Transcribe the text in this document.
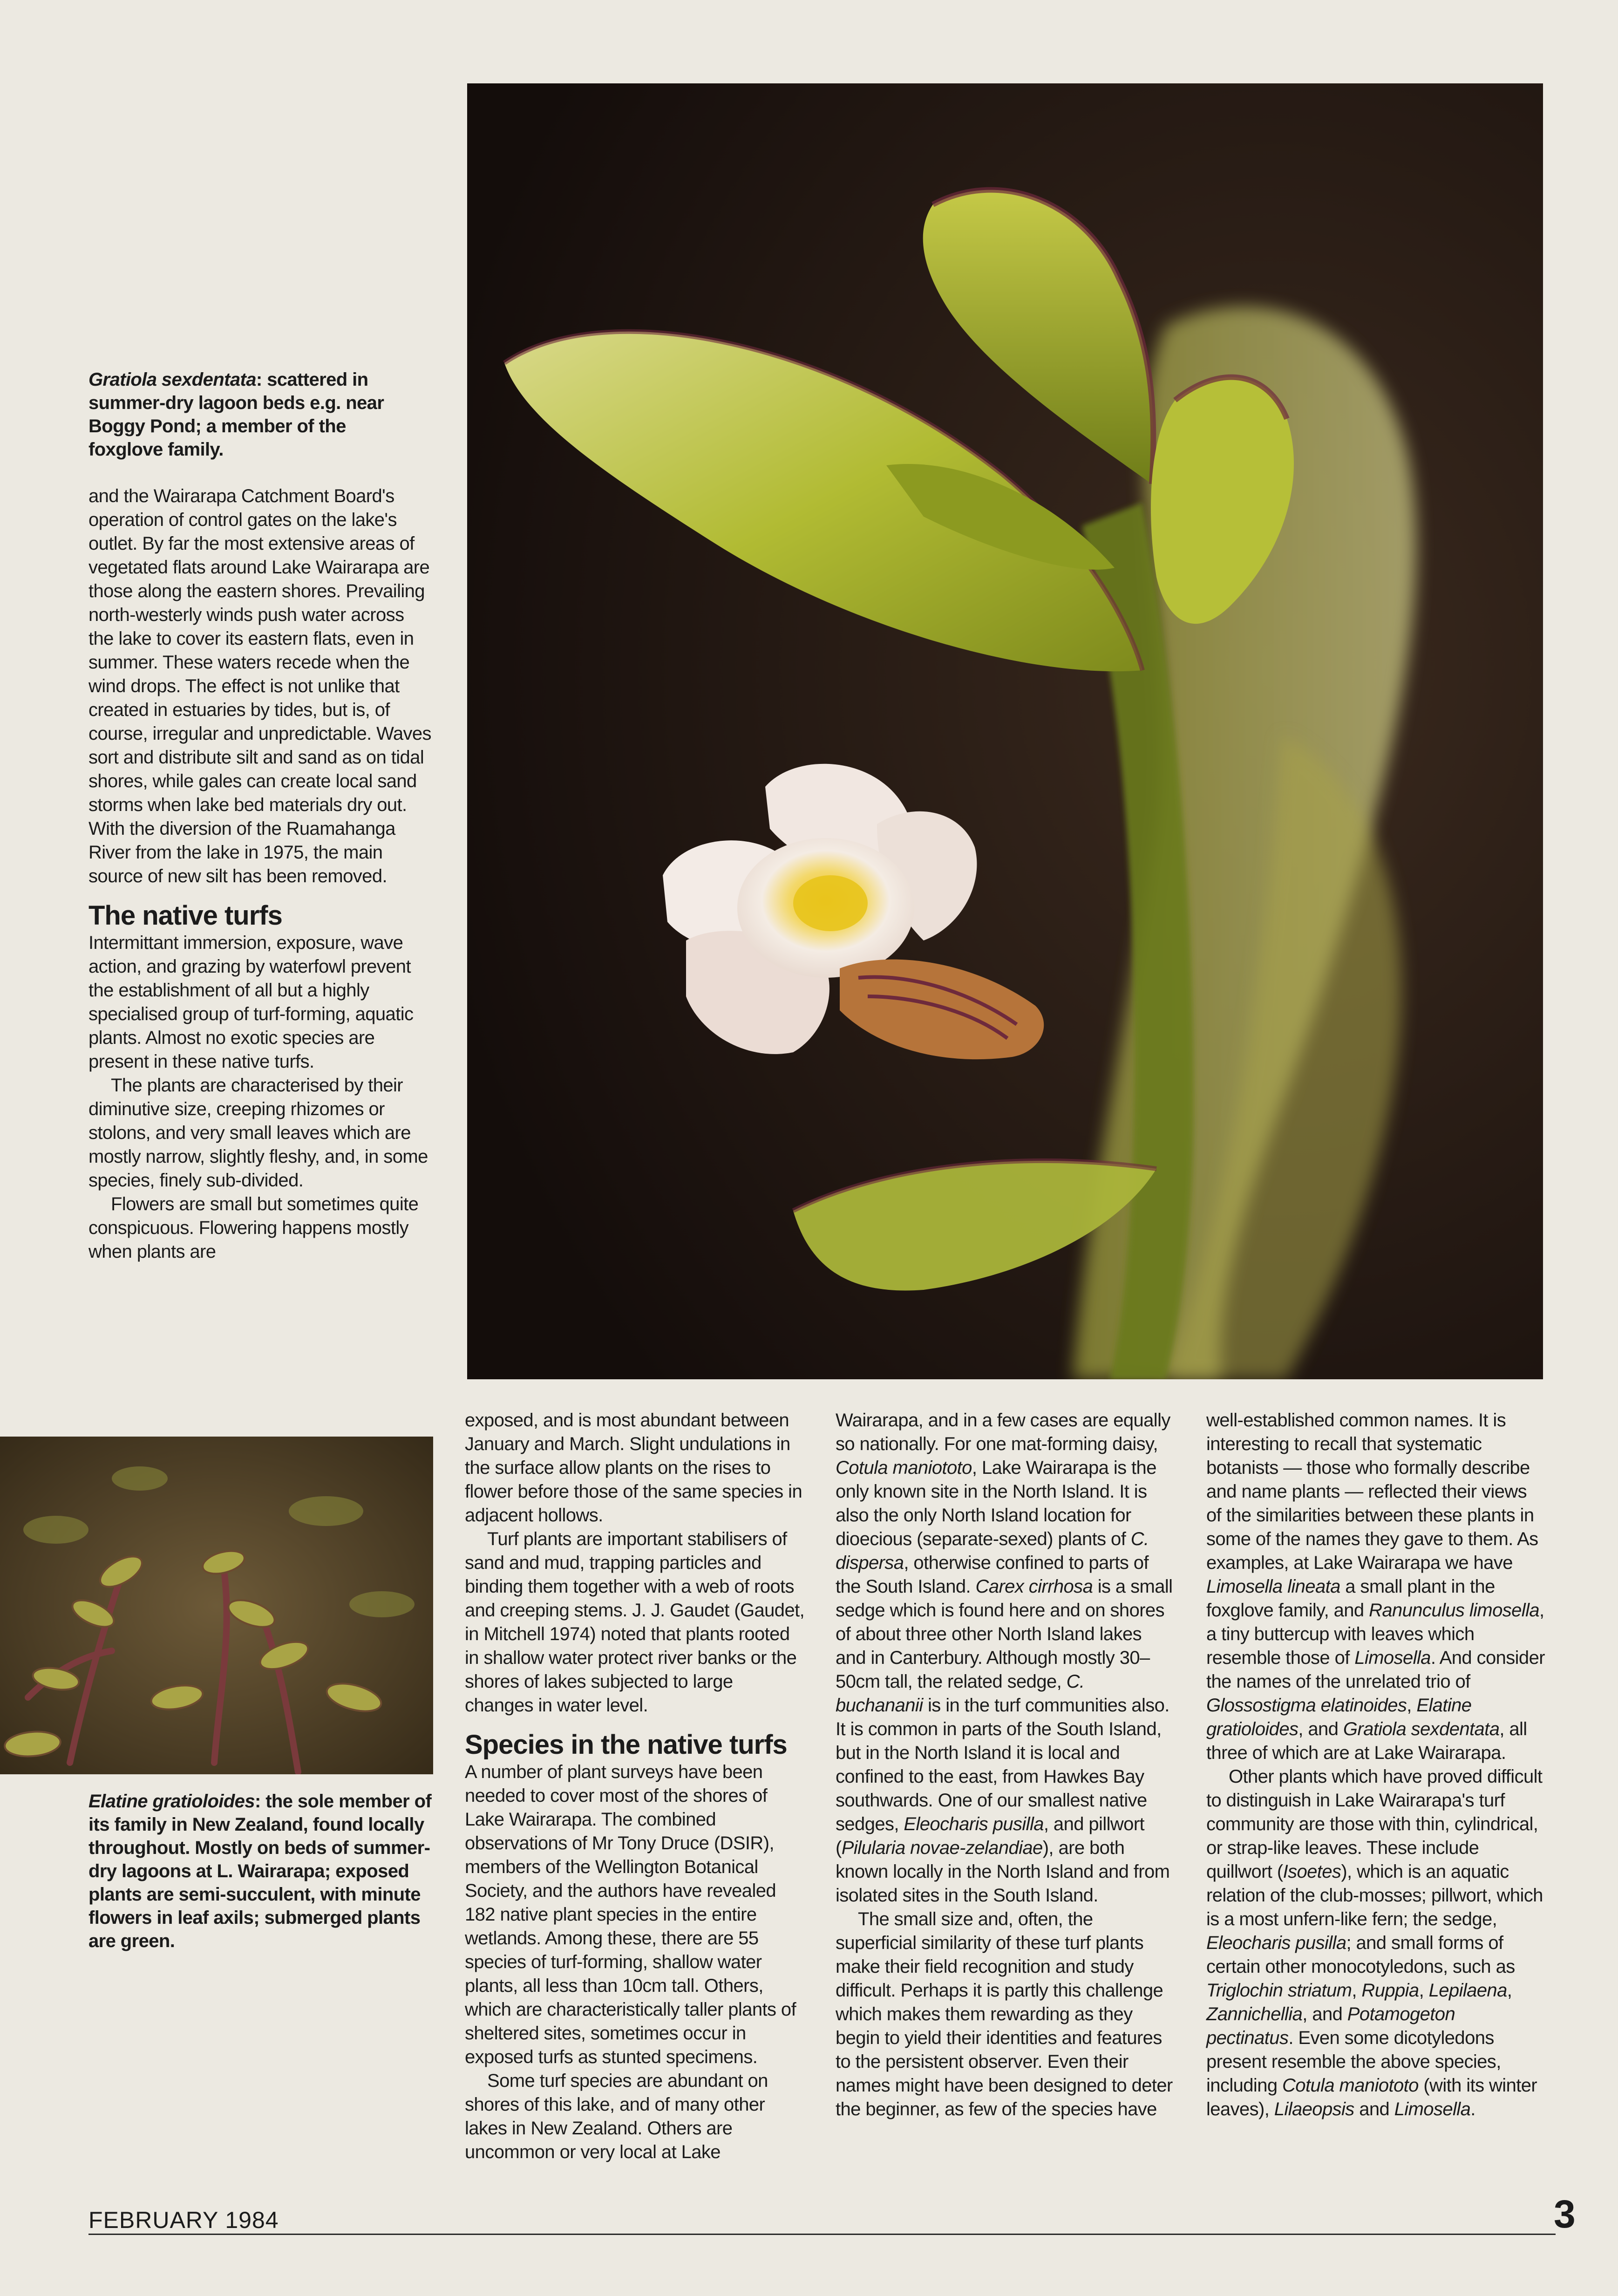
Gratiola sexdentata: scattered in summer-dry lagoon beds e.g. near Boggy Pond; a member of the foxglove family.

and the Wairarapa Catchment Board's operation of control gates on the lake's outlet. By far the most extensive areas of vegetated flats around Lake Wairarapa are those along the eastern shores. Prevailing north-westerly winds push water across the lake to cover its eastern flats, even in summer. These waters recede when the wind drops. The effect is not unlike that created in estuaries by tides, but is, of course, irregular and unpredictable. Waves sort and distribute silt and sand as on tidal shores, while gales can create local sand storms when lake bed materials dry out. With the diversion of the Ruamahanga River from the lake in 1975, the main source of new silt has been removed.

The native turfs

Intermittant immersion, exposure, wave action, and grazing by waterfowl prevent the establishment of all but a highly specialised group of turf-forming, aquatic plants. Almost no exotic species are present in these native turfs.

The plants are characterised by their diminutive size, creeping rhizomes or stolons, and very small leaves which are mostly narrow, slightly fleshy, and, in some species, finely sub-divided.

Flowers are small but sometimes quite conspicuous. Flowering happens mostly when plants are

Elatine gratioloides: the sole member of its family in New Zealand, found locally throughout. Mostly on beds of summer-dry lagoons at L. Wairarapa; exposed plants are semi-succulent, with minute flowers in leaf axils; submerged plants are green.

exposed, and is most abundant between January and March. Slight undulations in the surface allow plants on the rises to flower before those of the same species in adjacent hollows.

Turf plants are important stabilisers of sand and mud, trapping particles and binding them together with a web of roots and creeping stems. J. J. Gaudet (Gaudet, in Mitchell 1974) noted that plants rooted in shallow water protect river banks or the shores of lakes subjected to large changes in water level.

Species in the native turfs

A number of plant surveys have been needed to cover most of the shores of Lake Wairarapa. The combined observations of Mr Tony Druce (DSIR), members of the Wellington Botanical Society, and the authors have revealed 182 native plant species in the entire wetlands. Among these, there are 55 species of turf-forming, shallow water plants, all less than 10cm tall. Others, which are characteristically taller plants of sheltered sites, sometimes occur in exposed turfs as stunted specimens.

Some turf species are abundant on shores of this lake, and of many other lakes in New Zealand. Others are uncommon or very local at Lake

Wairarapa, and in a few cases are equally so nationally. For one mat-forming daisy, Cotula maniototo, Lake Wairarapa is the only known site in the North Island. It is also the only North Island location for dioecious (separate-sexed) plants of C. dispersa, otherwise confined to parts of the South Island. Carex cirrhosa is a small sedge which is found here and on shores of about three other North Island lakes and in Canterbury. Although mostly 30–50cm tall, the related sedge, C. buchananii is in the turf communities also. It is common in parts of the South Island, but in the North Island it is local and confined to the east, from Hawkes Bay southwards. One of our smallest native sedges, Eleocharis pusilla, and pillwort (Pilularia novae-zelandiae), are both known locally in the North Island and from isolated sites in the South Island.

The small size and, often, the superficial similarity of these turf plants make their field recognition and study difficult. Perhaps it is partly this challenge which makes them rewarding as they begin to yield their identities and features to the persistent observer. Even their names might have been designed to deter the beginner, as few of the species have

well-established common names. It is interesting to recall that systematic botanists — those who formally describe and name plants — reflected their views of the similarities between these plants in some of the names they gave to them. As examples, at Lake Wairarapa we have Limosella lineata a small plant in the foxglove family, and Ranunculus limosella, a tiny buttercup with leaves which resemble those of Limosella. And consider the names of the unrelated trio of Glossostigma elatinoides, Elatine gratioloides, and Gratiola sexdentata, all three of which are at Lake Wairarapa.

Other plants which have proved difficult to distinguish in Lake Wairarapa's turf community are those with thin, cylindrical, or strap-like leaves. These include quillwort (Isoetes), which is an aquatic relation of the club-mosses; pillwort, which is a most unfern-like fern; the sedge, Eleocharis pusilla; and small forms of certain other monocotyledons, such as Triglochin striatum, Ruppia, Lepilaena, Zannichellia, and Potamogeton pectinatus. Even some dicotyledons present resemble the above species, including Cotula maniototo (with its winter leaves), Lilaeopsis and Limosella.

FEBRUARY 1984	3
